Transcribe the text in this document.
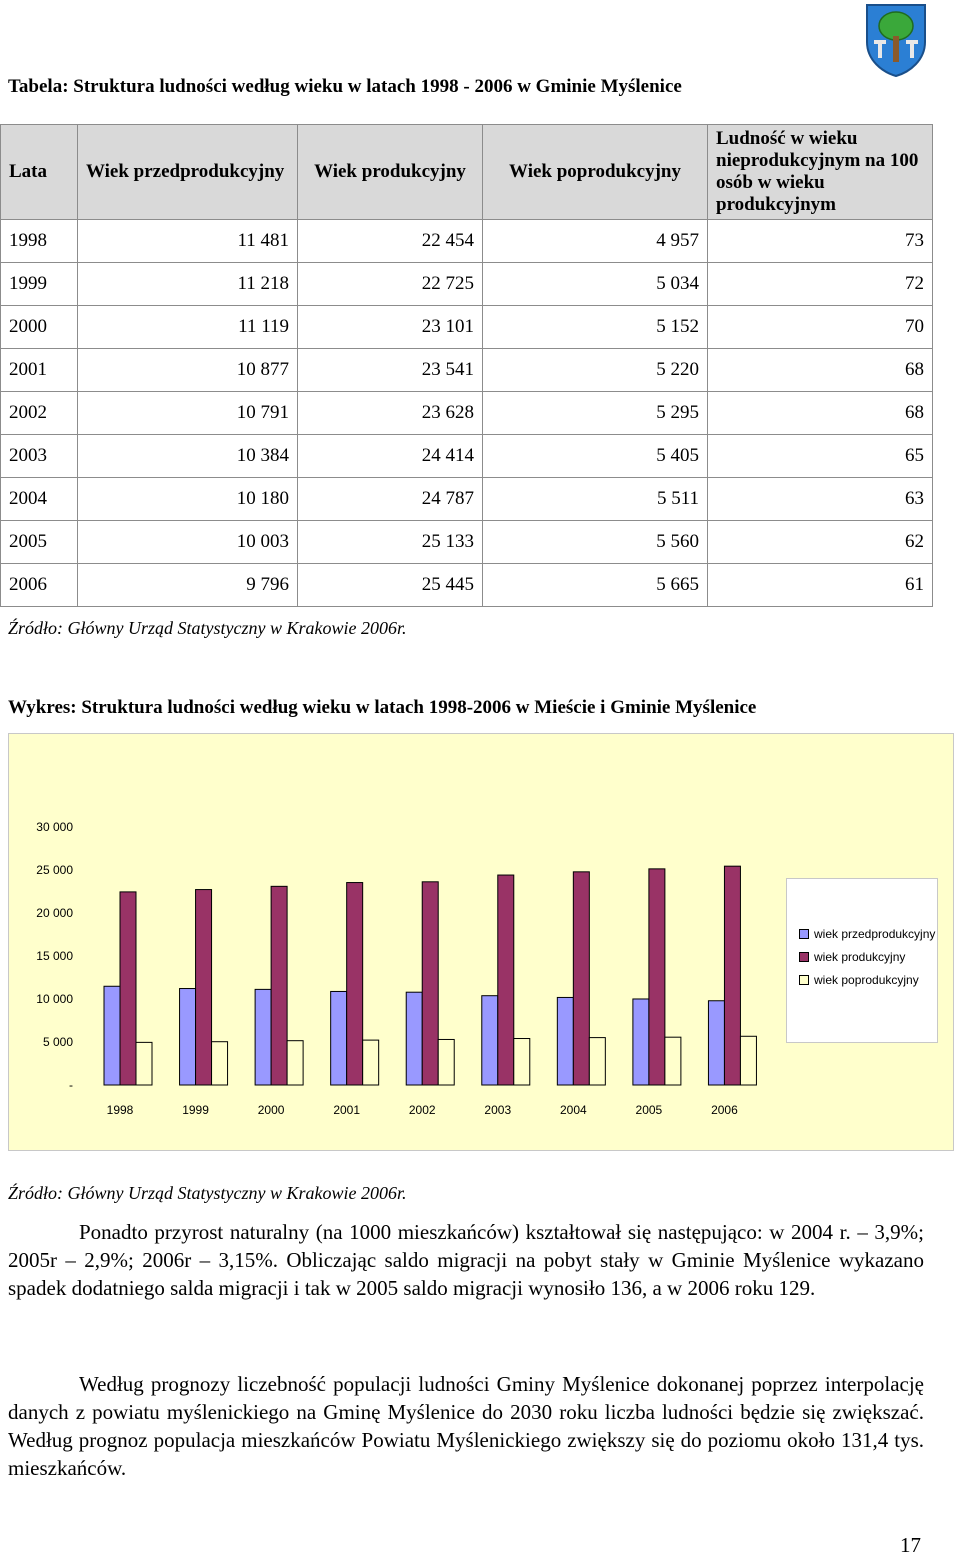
Tabela: Struktura ludności według wieku w latach 1998 - 2006 w Gminie Myślenice
Lata	Wiek przedprodukcyjny	Wiek produkcyjny	Wiek poprodukcyjny	Ludność w wieku nieprodukcyjnym na 100 osób w wieku produkcyjnym
1998	11 481	22 454	4 957	73
1999	11 218	22 725	5 034	72
2000	11 119	23 101	5 152	70
2001	10 877	23 541	5 220	68
2002	10 791	23 628	5 295	68
2003	10 384	24 414	5 405	65
2004	10 180	24 787	5 511	63
2005	10 003	25 133	5 560	62
2006	9 796	25 445	5 665	61
Źródło: Główny Urząd Statystyczny w Krakowie 2006r.
Wykres: Struktura ludności według wieku w latach 1998-2006 w Mieście i Gminie Myślenice
-
5 000
10 000
15 000
20 000
25 000
30 000
1998	1999	2000	2001	2002	2003	2004	2005	2006
wiek przedprodukcyjny
wiek produkcyjny
wiek poprodukcyjny
Źródło: Główny Urząd Statystyczny w Krakowie 2006r.
Ponadto przyrost naturalny (na 1000 mieszkańców) kształtował się następująco: w 2004 r. – 3,9%; 2005r – 2,9%; 2006r – 3,15%. Obliczając saldo migracji na pobyt stały w Gminie Myślenice wykazano spadek dodatniego salda migracji i tak w 2005 saldo migracji wynosiło 136, a w 2006 roku 129.
Według prognozy liczebność populacji ludności Gminy Myślenice dokonanej poprzez interpolację danych z powiatu myślenickiego na Gminę Myślenice do 2030 roku liczba ludności będzie się zwiększać. Według prognoz populacja mieszkańców Powiatu Myślenickiego zwiększy się do poziomu około 131,4 tys. mieszkańców.
17
